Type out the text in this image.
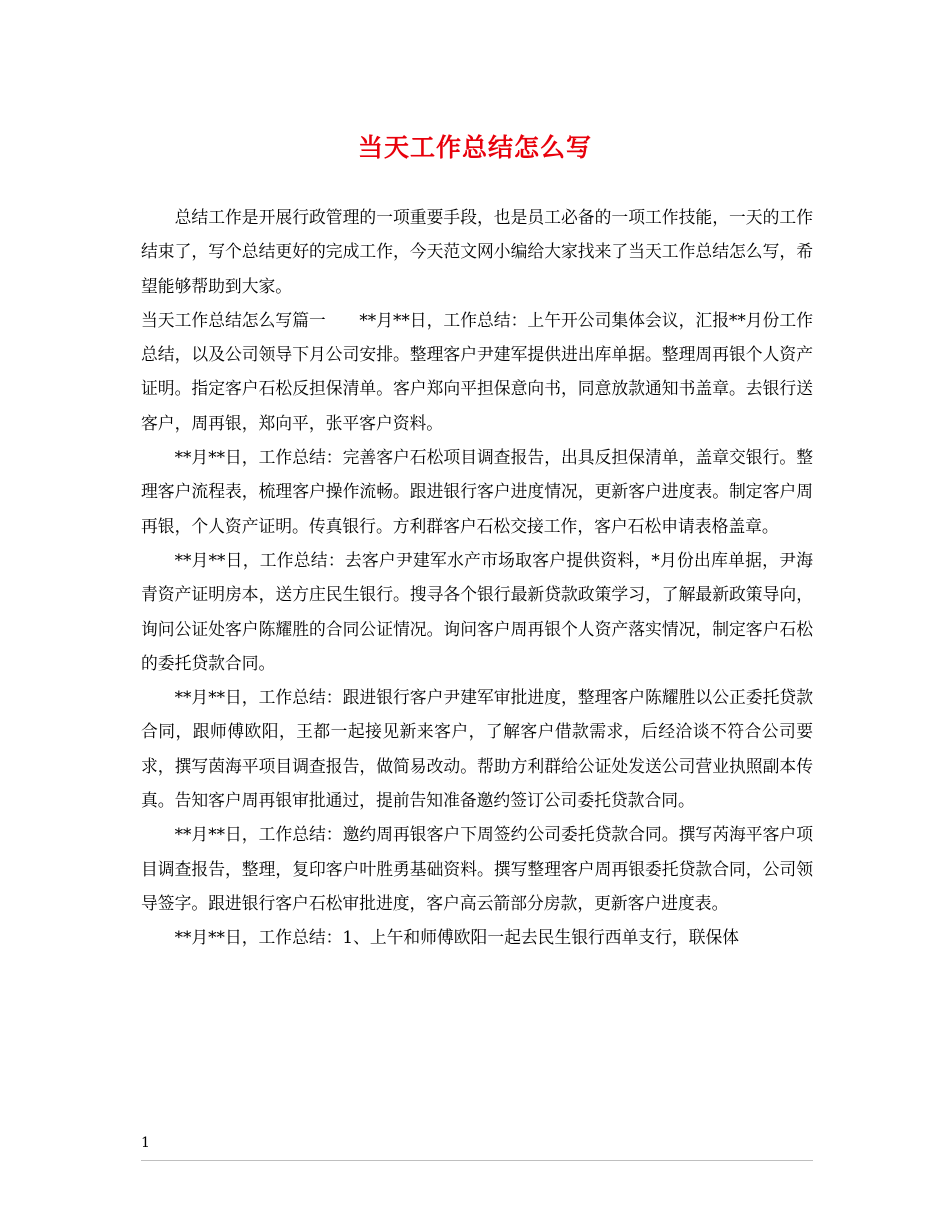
当天工作总结怎么写

总结工作是开展行政管理的一项重要手段，也是员工必备的一项工作技能，一天的工作结束了，写个总结更好的完成工作，今天范文网小编给大家找来了当天工作总结怎么写，希望能够帮助到大家。

当天工作总结怎么写篇一　　**月**日，工作总结：上午开公司集体会议，汇报**月份工作总结，以及公司领导下月公司安排。整理客户尹建军提供进出库单据。整理周再银个人资产证明。指定客户石松反担保清单。客户郑向平担保意向书，同意放款通知书盖章。去银行送客户，周再银，郑向平，张平客户资料。

**月**日，工作总结：完善客户石松项目调查报告，出具反担保清单，盖章交银行。整理客户流程表，梳理客户操作流畅。跟进银行客户进度情况，更新客户进度表。制定客户周再银，个人资产证明。传真银行。方利群客户石松交接工作，客户石松申请表格盖章。

**月**日，工作总结：去客户尹建军水产市场取客户提供资料，*月份出库单据，尹海青资产证明房本，送方庄民生银行。搜寻各个银行最新贷款政策学习，了解最新政策导向，询问公证处客户陈耀胜的合同公证情况。询问客户周再银个人资产落实情况，制定客户石松的委托贷款合同。

**月**日，工作总结：跟进银行客户尹建军审批进度，整理客户陈耀胜以公正委托贷款合同，跟师傅欧阳，王都一起接见新来客户，了解客户借款需求，后经洽谈不符合公司要求，撰写茵海平项目调查报告，做简易改动。帮助方利群给公证处发送公司营业执照副本传真。告知客户周再银审批通过，提前告知准备邀约签订公司委托贷款合同。

**月**日，工作总结：邀约周再银客户下周签约公司委托贷款合同。撰写芮海平客户项目调查报告，整理，复印客户叶胜勇基础资料。撰写整理客户周再银委托贷款合同，公司领导签字。跟进银行客户石松审批进度，客户高云箭部分房款，更新客户进度表。

**月**日，工作总结：1、上午和师傅欧阳一起去民生银行西单支行，联保体

1
